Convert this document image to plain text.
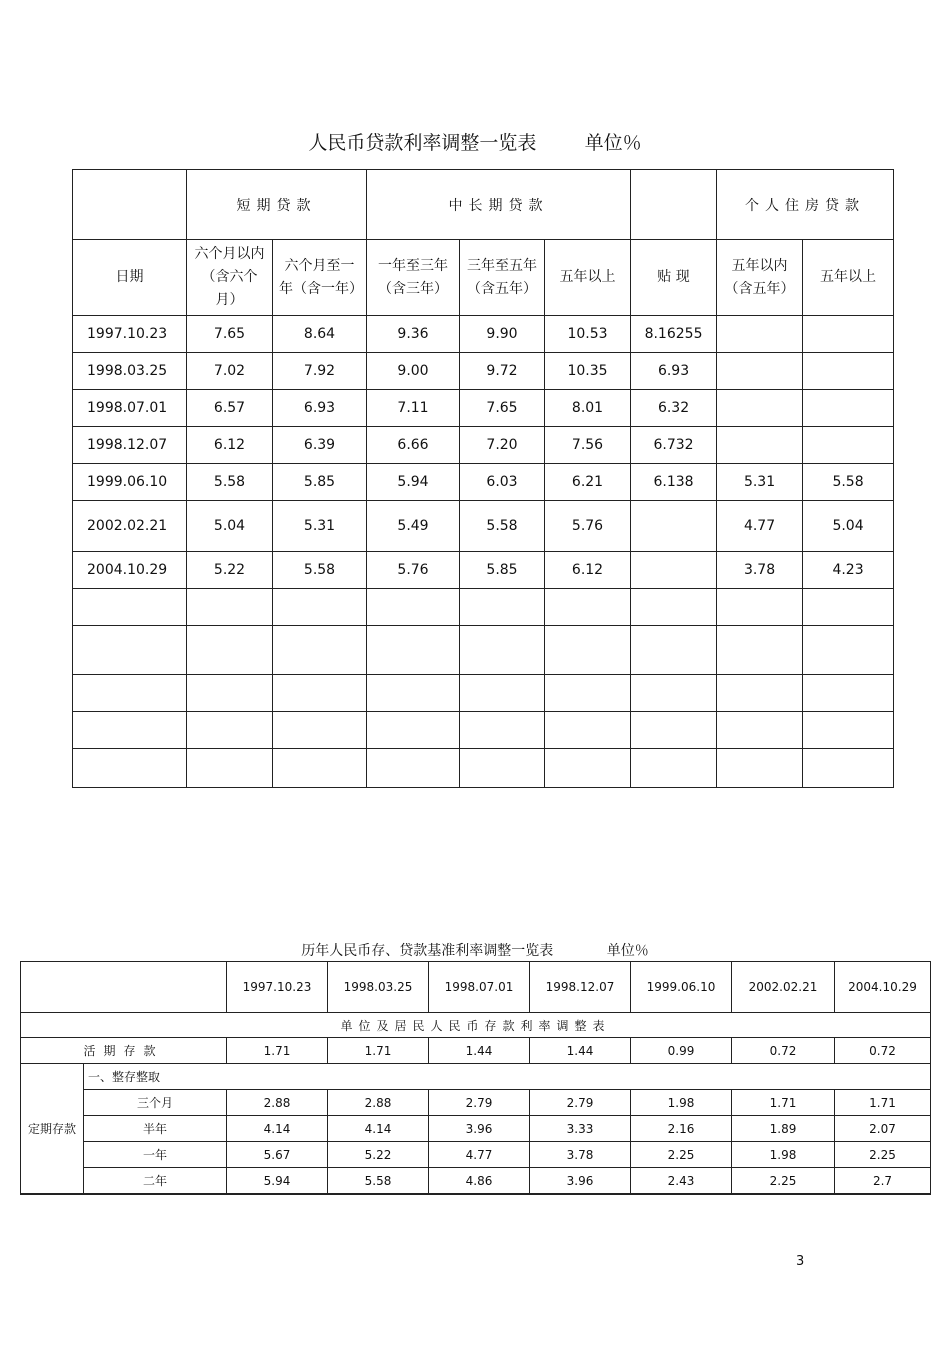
人民币贷款利率调整一览表        单位％
	短期贷款		中长期贷款				个人住房贷款	
日期	六个月以内（含六个月）	六个月至一年（含一年）	一年至三年（含三年）	三年至五年（含五年）	五年以上	贴 现	五年以内（含五年）	五年以上
1997.10.23	7.65	8.64	9.36	9.90	10.53	8.16255		
1998.03.25	7.02	7.92	9.00	9.72	10.35	6.93		
1998.07.01	6.57	6.93	7.11	7.65	8.01	6.32		
1998.12.07	6.12	6.39	6.66	7.20	7.56	6.732		
1999.06.10	5.58	5.85	5.94	6.03	6.21	6.138	5.31	5.58
2002.02.21	5.04	5.31	5.49	5.58	5.76		4.77	5.04
2004.10.29	5.22	5.58	5.76	5.85	6.12		3.78	4.23

历年人民币存、贷款基准利率调整一览表            单位％
		1997.10.23	1998.03.25	1998.07.01	1998.12.07	1999.06.10	2002.02.21	2004.10.29
单位及居民人民币存款利率调整表								
活期存款		1.71	1.71	1.44	1.44	0.99	0.72	0.72
定期存款	一、整存整取							
	三个月	2.88	2.88	2.79	2.79	1.98	1.71	1.71
	半年	4.14	4.14	3.96	3.33	2.16	1.89	2.07
	一年	5.67	5.22	4.77	3.78	2.25	1.98	2.25
	二年	5.94	5.58	4.86	3.96	2.43	2.25	2.7
3
